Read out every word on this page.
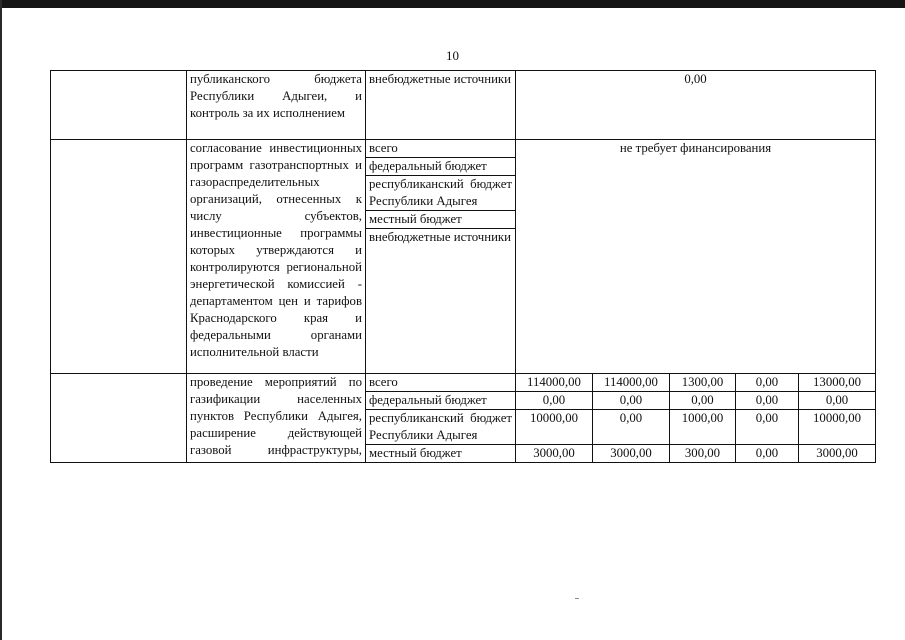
10

	публиканского бюджета Республики Адыгеи, и контроль за их исполнением	внебюджетные источники	0,00				

	согласование инвестиционных программ газотранспортных и газораспределительных организаций, отнесенных к числу субъектов, инвестиционные программы которых утверждаются и контролируются региональной энергетической комиссией - департаментом цен и тарифов Краснодарского края и федеральными органами исполнительной власти	всего	не требует финансирования				
		федеральный бюджет					
		республиканский бюджет Республики Адыгея					
		местный бюджет					
		внебюджетные источники					

	проведение мероприятий по газификации населенных пунктов Республики Адыгея, расширение действующей газовой инфраструктуры,	всего	114000,00	114000,00	1300,00	0,00	13000,00
		федеральный бюджет	0,00	0,00	0,00	0,00	0,00
		республиканский бюджет Республики Адыгея	10000,00	0,00	1000,00	0,00	10000,00
		местный бюджет	3000,00	3000,00	300,00	0,00	3000,00
